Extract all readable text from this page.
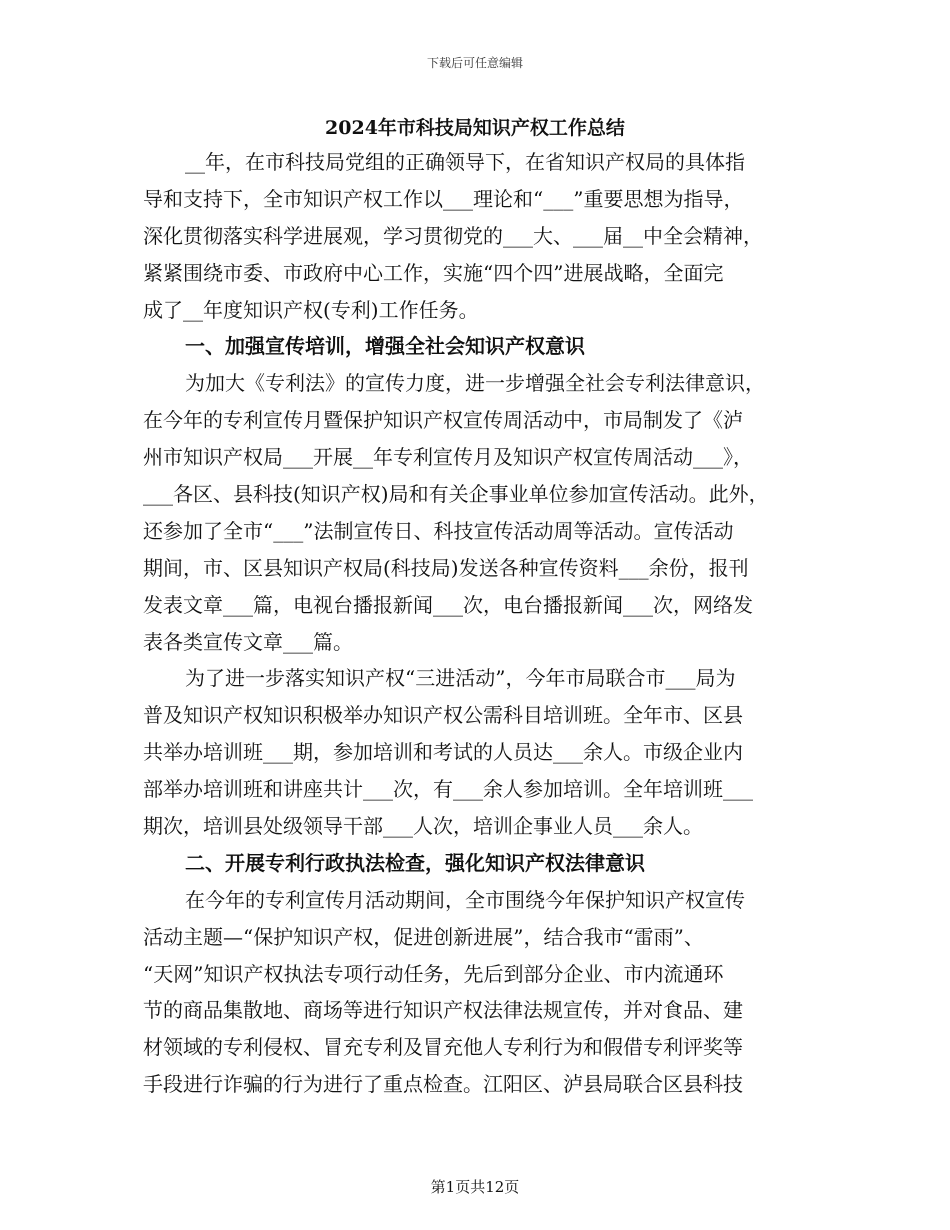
下载后可任意编辑
2024年市科技局知识产权工作总结

__年，在市科技局党组的正确领导下，在省知识产权局的具体指

导和支持下，全市知识产权工作以___理论和“___”重要思想为指导，

深化贯彻落实科学进展观，学习贯彻党的___大、___届__中全会精神，

紧紧围绕市委、市政府中心工作，实施“四个四”进展战略，全面完

成了__年度知识产权(专利)工作任务。

一、加强宣传培训，增强全社会知识产权意识

为加大《专利法》的宣传力度，进一步增强全社会专利法律意识，

在今年的专利宣传月暨保护知识产权宣传周活动中，市局制发了《泸

州市知识产权局___开展__年专利宣传月及知识产权宣传周活动___》，

___各区、县科技(知识产权)局和有关企事业单位参加宣传活动。此外，

还参加了全市“___”法制宣传日、科技宣传活动周等活动。宣传活动

期间，市、区县知识产权局(科技局)发送各种宣传资料___余份，报刊

发表文章___篇，电视台播报新闻___次，电台播报新闻___次，网络发

表各类宣传文章___篇。

为了进一步落实知识产权“三进活动”，今年市局联合市___局为

普及知识产权知识积极举办知识产权公需科目培训班。全年市、区县

共举办培训班___期，参加培训和考试的人员达___余人。市级企业内

部举办培训班和讲座共计___次，有___余人参加培训。全年培训班___

期次，培训县处级领导干部___人次，培训企事业人员___余人。

二、开展专利行政执法检查，强化知识产权法律意识

在今年的专利宣传月活动期间，全市围绕今年保护知识产权宣传

活动主题—“保护知识产权，促进创新进展”，结合我市“雷雨”、

“天网”知识产权执法专项行动任务，先后到部分企业、市内流通环

节的商品集散地、商场等进行知识产权法律法规宣传，并对食品、建

材领域的专利侵权、冒充专利及冒充他人专利行为和假借专利评奖等

手段进行诈骗的行为进行了重点检查。江阳区、泸县局联合区县科技

第1页共12页
